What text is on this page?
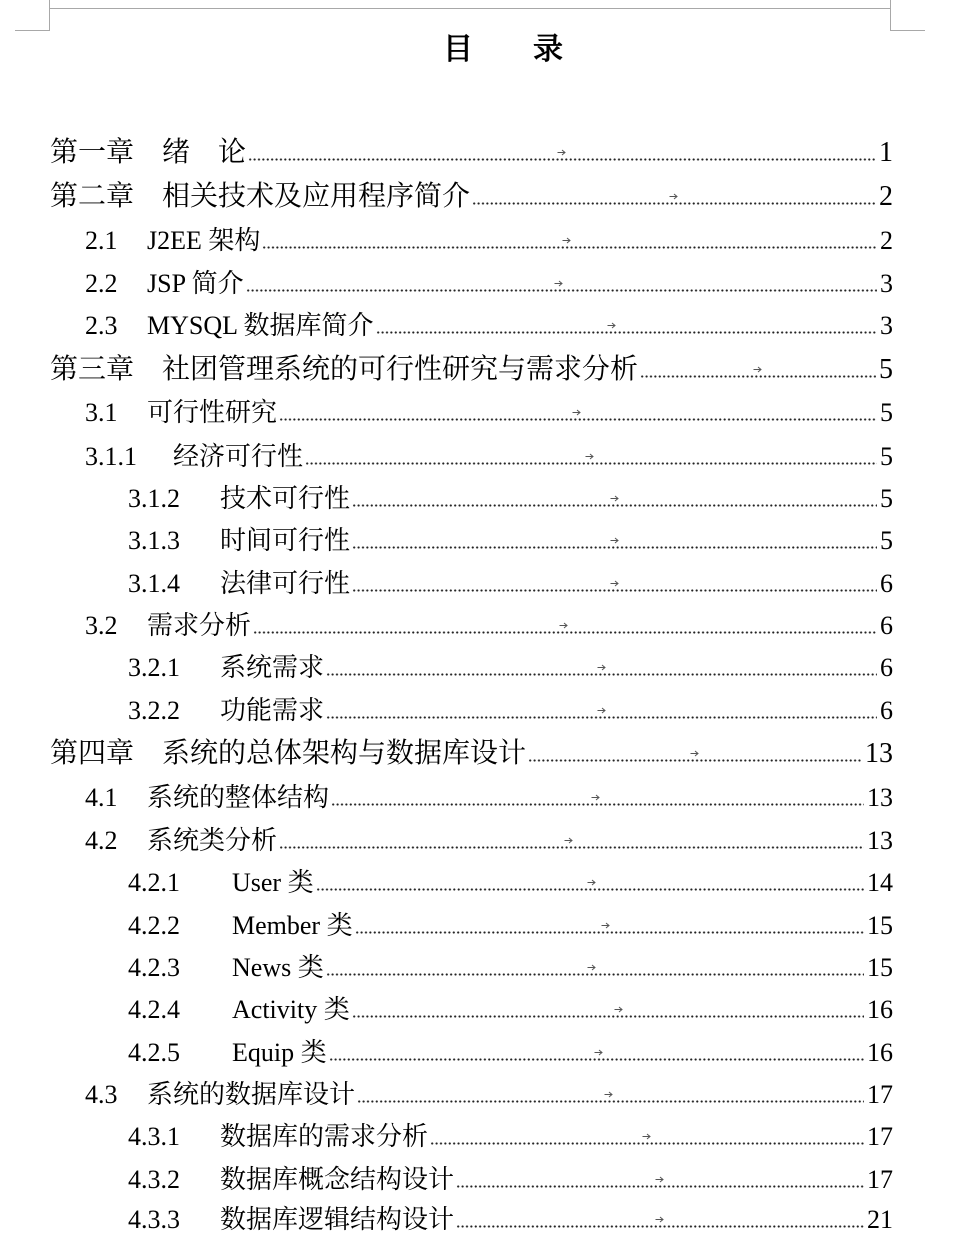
目　　录
第一章 绪　论	1
第二章 相关技术及应用程序简介	2
2.1	J2EE 架构	2
2.2	JSP 简介	3
2.3	MYSQL 数据库简介	3
第三章 社团管理系统的可行性研究与需求分析	5
3.1	可行性研究	5
3.1.1	经济可行性	5
3.1.2	技术可行性	5
3.1.3	时间可行性	5
3.1.4	法律可行性	6
3.2	需求分析	6
3.2.1	系统需求	6
3.2.2	功能需求	6
第四章 系统的总体架构与数据库设计	13
4.1	系统的整体结构	13
4.2	系统类分析	13
4.2.1	User 类	14
4.2.2	Member 类	15
4.2.3	News 类	15
4.2.4	Activity 类	16
4.2.5	Equip 类	16
4.3	系统的数据库设计	17
4.3.1	数据库的需求分析	17
4.3.2	数据库概念结构设计	17
4.3.3	数据库逻辑结构设计	21
